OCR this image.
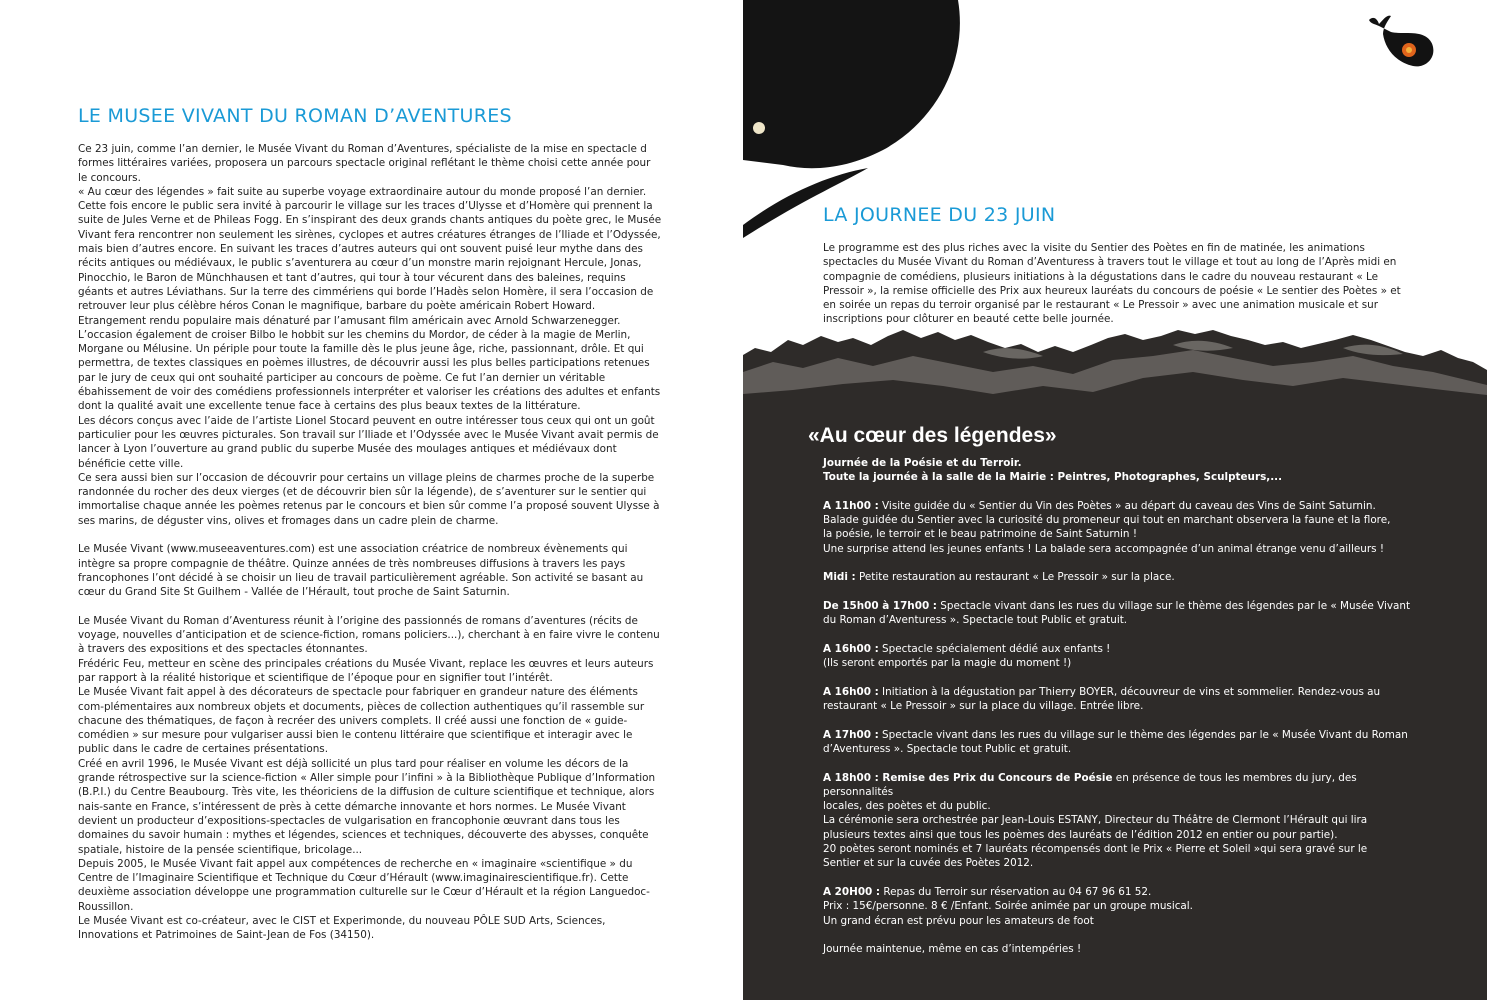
LE MUSEE VIVANT DU ROMAN D’AVENTURES

Ce 23 juin, comme l’an dernier, le Musée Vivant du Roman d’Aventures, spécialiste de la mise en spectacle d formes littéraires variées, proposera un parcours spectacle original reflétant le thème choisi cette année pour le concours.

« Au cœur des légendes » fait suite au superbe voyage extraordinaire autour du monde proposé l’an dernier. Cette fois encore le public sera invité à parcourir le village sur les traces d’Ulysse et d’Homère qui prennent la suite de Jules Verne et de Phileas Fogg. En s’inspirant des deux grands chants antiques du poète grec, le Musée Vivant fera rencontrer non seulement les sirènes, cyclopes et autres créatures étranges de l’Iliade et l’Odyssée, mais bien d’autres encore. En suivant les traces d’autres auteurs qui ont souvent puisé leur mythe dans des récits antiques ou médiévaux, le public s’aventurera au cœur d’un monstre marin rejoignant Hercule, Jonas, Pinocchio, le Baron de Münchhausen et tant d’autres, qui tour à tour vécurent dans des baleines, requins géants et autres Léviathans. Sur la terre des cimmériens qui borde l’Hadès selon Homère, il sera l’occasion de retrouver leur plus célèbre héros Conan le magnifique, barbare du poète américain Robert Howard. Etrangement rendu populaire mais dénaturé par l’amusant film américain avec Arnold Schwarzenegger. L’occasion également de croiser Bilbo le hobbit sur les chemins du Mordor, de céder à la magie de Merlin, Morgane ou Mélusine. Un périple pour toute la famille dès le plus jeune âge, riche, passionnant, drôle. Et qui permettra, de textes classiques en poèmes illustres, de découvrir aussi les plus belles participations retenues par le jury de ceux qui ont souhaité participer au concours de poème. Ce fut l’an dernier un véritable ébahissement de voir des comédiens professionnels interpréter et valoriser les créations des adultes et enfants dont la qualité avait une excellente tenue face à certains des plus beaux textes de la littérature.

Les décors conçus avec l’aide de l’artiste Lionel Stocard peuvent en outre intéresser tous ceux qui ont un goût particulier pour les œuvres picturales. Son travail sur l’Iliade et l’Odyssée avec le Musée Vivant avait permis de lancer à Lyon l’ouverture au grand public du superbe Musée des moulages antiques et médiévaux dont bénéficie cette ville.

Ce sera aussi bien sur l’occasion de découvrir pour certains un village pleins de charmes proche de la superbe randonnée du rocher des deux vierges (et de découvrir bien sûr la légende), de s’aventurer sur le sentier qui immortalise chaque année les poèmes retenus par le concours et bien sûr comme l’a proposé souvent Ulysse à ses marins, de déguster vins, olives et fromages dans un cadre plein de charme.

Le Musée Vivant (www.museeaventures.com) est une association créatrice de nombreux évènements qui intègre sa propre compagnie de théâtre. Quinze années de très nombreuses diffusions à travers les pays francophones l’ont décidé à se choisir un lieu de travail particulièrement agréable. Son activité se basant au cœur du Grand Site St Guilhem - Vallée de l’Hérault, tout proche de Saint Saturnin.

Le Musée Vivant du Roman d’Aventuress réunit à l’origine des passionnés de romans d’aventures (récits de voyage, nouvelles d’anticipation et de science-fiction, romans policiers...), cherchant à en faire vivre le contenu à travers des expositions et des spectacles étonnantes.

Frédéric Feu, metteur en scène des principales créations du Musée Vivant, replace les œuvres et leurs auteurs par rapport à la réalité historique et scientifique de l’époque pour en signifier tout l’intérêt.

Le Musée Vivant fait appel à des décorateurs de spectacle pour fabriquer en grandeur nature des éléments com-plémentaires aux nombreux objets et documents, pièces de collection authentiques qu’il rassemble sur chacune des thématiques, de façon à recréer des univers complets. Il créé aussi une fonction de « guide-comédien » sur mesure pour vulgariser aussi bien le contenu littéraire que scientifique et interagir avec le public dans le cadre de certaines présentations.

Créé en avril 1996, le Musée Vivant est déjà sollicité un plus tard pour réaliser en volume les décors de la grande rétrospective sur la science-fiction « Aller simple pour l’infini » à la Bibliothèque Publique d’Information (B.P.I.) du Centre Beaubourg. Très vite, les théoriciens de la diffusion de culture scientifique et technique, alors nais-sante en France, s’intéressent de près à cette démarche innovante et hors normes. Le Musée Vivant devient un producteur d’expositions-spectacles de vulgarisation en francophonie œuvrant dans tous les domaines du savoir humain : mythes et légendes, sciences et techniques, découverte des abysses, conquête spatiale, histoire de la pensée scientifique, bricolage...

Depuis 2005, le Musée Vivant fait appel aux compétences de recherche en « imaginaire «scientifique » du Centre de l’Imaginaire Scientifique et Technique du Cœur d’Hérault (www.imaginairescientifique.fr). Cette deuxième association développe une programmation culturelle sur le Cœur d’Hérault et la région Languedoc-Roussillon.

Le Musée Vivant est co-créateur, avec le CIST et Experimonde, du nouveau PÔLE SUD Arts, Sciences, Innovations et Patrimoines de Saint-Jean de Fos (34150).

LA JOURNEE DU 23 JUIN
Le programme est des plus riches avec la visite du Sentier des Poètes en fin de matinée, les animations spectacles du Musée Vivant du Roman d’Aventuress à travers tout le village et tout au long de l’Après midi en compagnie de comédiens, plusieurs initiations à la dégustations dans le cadre du nouveau restaurant « Le Pressoir », la remise officielle des Prix aux heureux lauréats du concours de poésie « Le sentier des Poètes » et en soirée un repas du terroir organisé par le restaurant « Le Pressoir » avec une animation musicale et sur inscriptions pour clôturer en beauté cette belle journée.
«Au cœur des légendes»

Journée de la Poésie et du Terroir.

Toute la journée à la salle de la Mairie : Peintres, Photographes, Sculpteurs,...

A 11h00 : Visite guidée du « Sentier du Vin des Poètes » au départ du caveau des Vins de Saint Saturnin.

Balade guidée du Sentier avec la curiosité du promeneur qui tout en marchant observera la faune et la flore,

la poésie, le terroir et le beau patrimoine de Saint Saturnin !

Une surprise attend les jeunes enfants ! La balade sera accompagnée d’un animal étrange venu d’ailleurs !

Midi : Petite restauration au restaurant « Le Pressoir » sur la place.

De 15h00 à 17h00 : Spectacle vivant dans les rues du village sur le thème des légendes par le « Musée Vivant

du Roman d’Aventuress ». Spectacle tout Public et gratuit.

A 16h00 : Spectacle spécialement dédié aux enfants !

(Ils seront emportés par la magie du moment !)

A 16h00 : Initiation à la dégustation par Thierry BOYER, découvreur de vins et sommelier. Rendez-vous au

restaurant « Le Pressoir » sur la place du village. Entrée libre.

A 17h00 : Spectacle vivant dans les rues du village sur le thème des légendes par le « Musée Vivant du Roman

d’Aventuress ». Spectacle tout Public et gratuit.

A 18h00 : Remise des Prix du Concours de Poésie en présence de tous les membres du jury, des personnalités

locales, des poètes et du public.

La cérémonie sera orchestrée par Jean-Louis ESTANY, Directeur du Théâtre de Clermont l’Hérault qui lira

plusieurs textes ainsi que tous les poèmes des lauréats de l’édition 2012 en entier ou pour partie).

20 poètes seront nominés et 7 lauréats récompensés dont le Prix « Pierre et Soleil »qui sera gravé sur le

Sentier et sur la cuvée des Poètes 2012.

A 20H00 : Repas du Terroir sur réservation au 04 67 96 61 52.

Prix : 15€/personne. 8 € /Enfant. Soirée animée par un groupe musical.

Un grand écran est prévu pour les amateurs de foot

Journée maintenue, même en cas d’intempéries !
